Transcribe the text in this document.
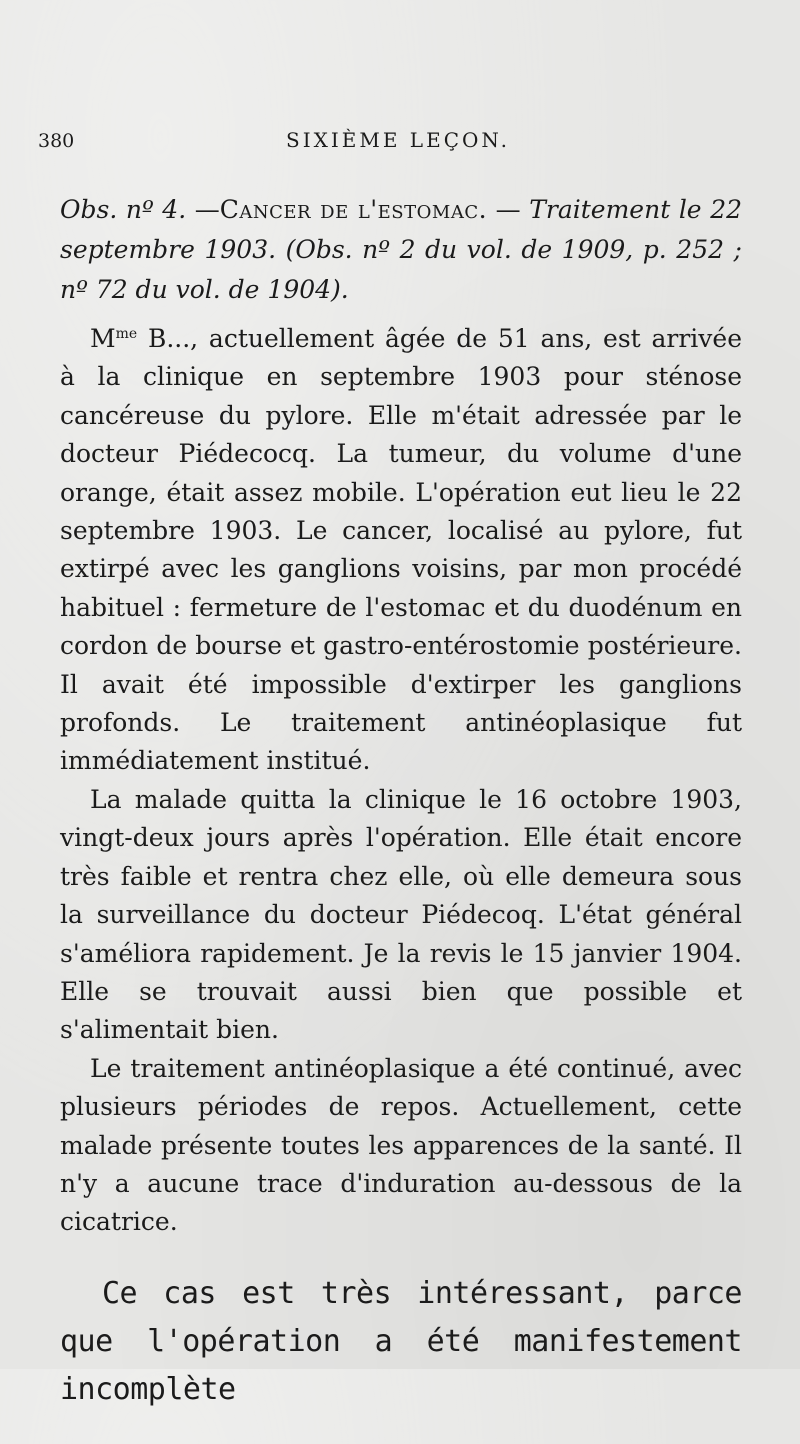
380	SIXIÈME LEÇON.

Obs. nº 4. —Cancer de l'estomac. — Traitement le 22 septembre 1903. (Obs. nº 2 du vol. de 1909, p. 252 ; nº 72 du vol. de 1904).

$M^{me}$ B..., actuellement âgée de 51 ans, est arrivée à la clinique en septembre 1903 pour sténose cancéreuse du pylore. Elle m'était adressée par le docteur Piédecocq. La tumeur, du volume d'une orange, était assez mobile. L'opération eut lieu le 22 septembre 1903. Le cancer, localisé au pylore, fut extirpé avec les ganglions voisins, par mon procédé habituel : fermeture de l'estomac et du duodénum en cordon de bourse et gastro-entérostomie postérieure. Il avait été impossible d'extirper les ganglions profonds. Le traitement antinéoplasique fut immédiatement institué.

La malade quitta la clinique le 16 octobre 1903, vingt-deux jours après l'opération. Elle était encore très faible et rentra chez elle, où elle demeura sous la surveillance du docteur Piédecoq. L'état général s'améliora rapidement. Je la revis le 15 janvier 1904. Elle se trouvait aussi bien que possible et s'alimentait bien.

Le traitement antinéoplasique a été continué, avec plusieurs périodes de repos. Actuellement, cette malade présente toutes les apparences de la santé. Il n'y a aucune trace d'induration au-dessous de la cicatrice.

Ce cas est très intéressant, parce que l'opération a été manifestement incomplète
